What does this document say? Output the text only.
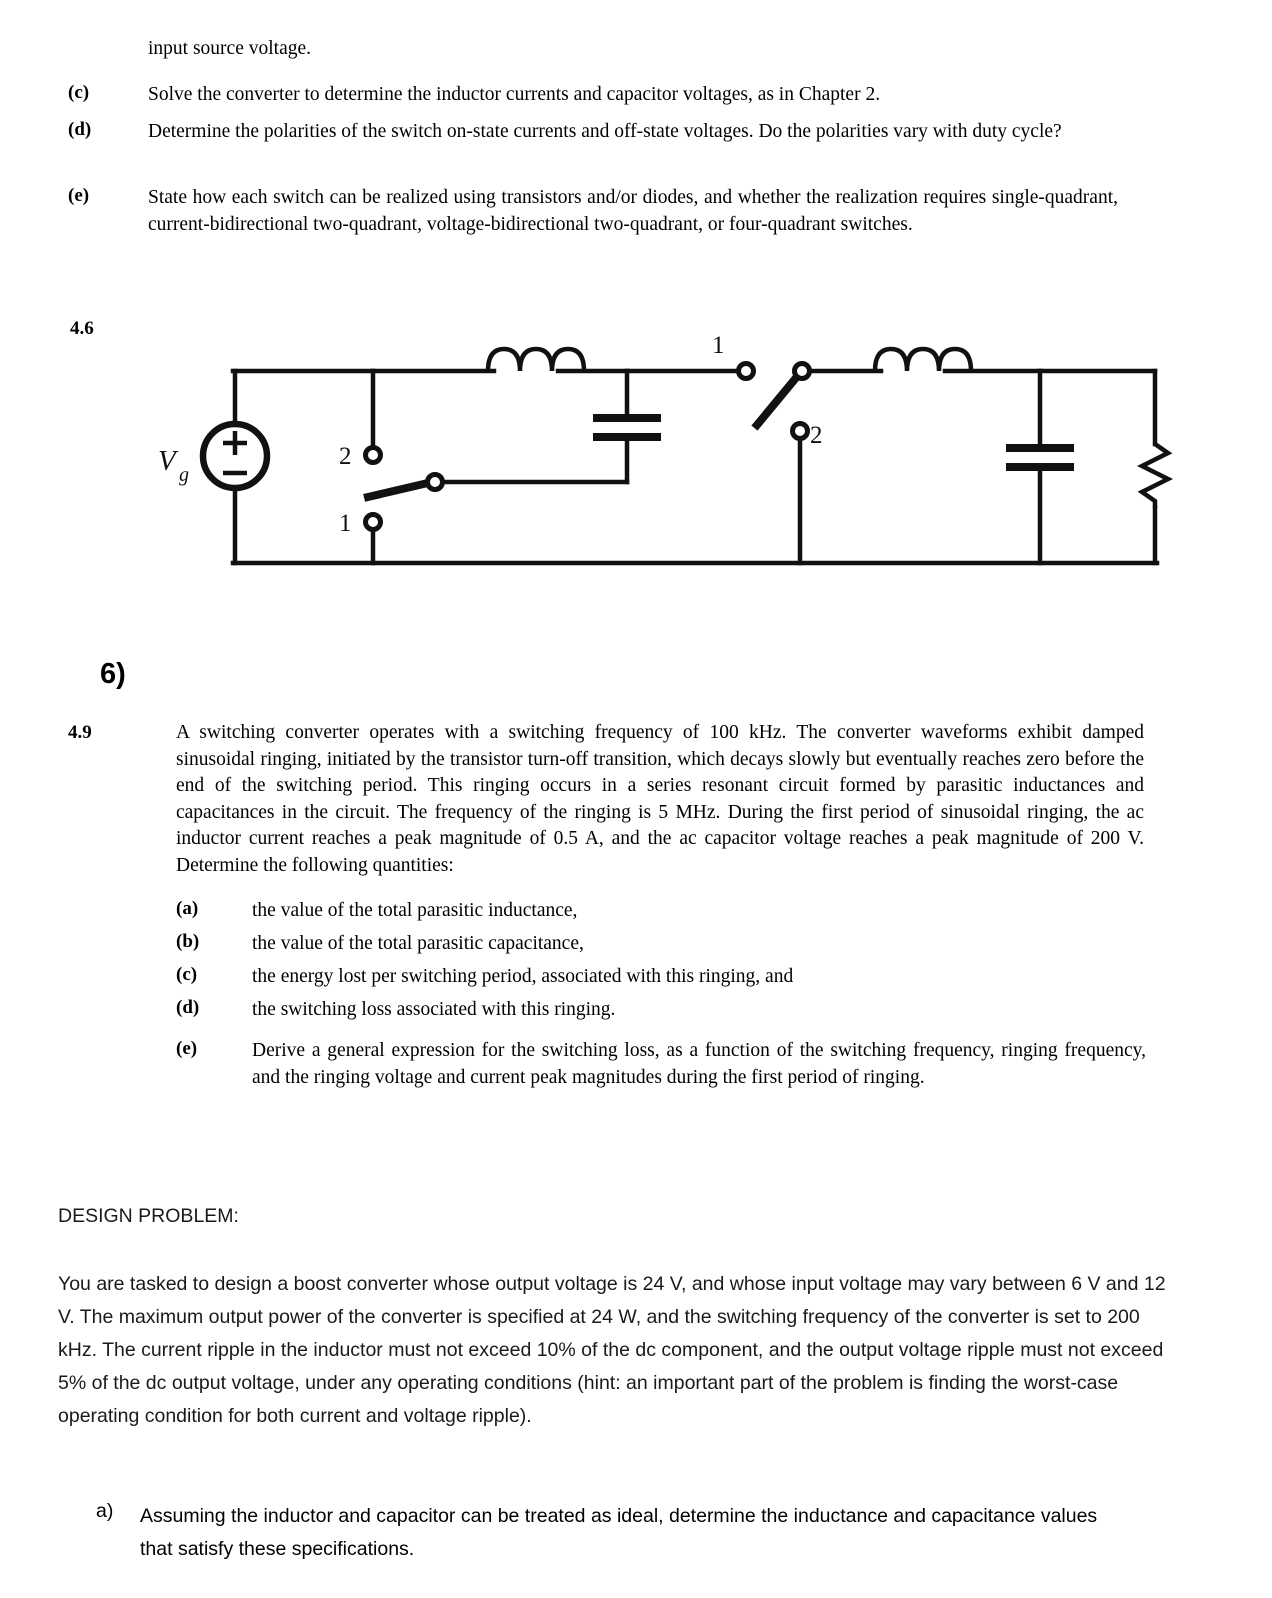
input source voltage.
(c)	Solve the converter to determine the inductor currents and capacitor voltages, as in Chapter 2.
(d)	Determine the polarities of the switch on-state currents and off-state voltages. Do the polarities vary with duty cycle?
(e)	State how each switch can be realized using transistors and/or diodes, and whether the realization requires single-quadrant, current-bidirectional two-quadrant, voltage-bidirectional two-quadrant, or four-quadrant switches.
4.6
V g
2
1
1
2
6)
4.9	A switching converter operates with a switching frequency of 100 kHz. The converter waveforms exhibit damped sinusoidal ringing, initiated by the transistor turn-off transition, which decays slowly but eventually reaches zero before the end of the switching period. This ringing occurs in a series resonant circuit formed by parasitic inductances and capacitances in the circuit. The frequency of the ringing is 5 MHz. During the first period of sinusoidal ringing, the ac inductor current reaches a peak magnitude of 0.5 A, and the ac capacitor voltage reaches a peak magnitude of 200 V. Determine the following quantities:
(a)	the value of the total parasitic inductance,
(b)	the value of the total parasitic capacitance,
(c)	the energy lost per switching period, associated with this ringing, and
(d)	the switching loss associated with this ringing.
(e)	Derive a general expression for the switching loss, as a function of the switching frequency, ringing frequency, and the ringing voltage and current peak magnitudes during the first period of ringing.
DESIGN PROBLEM:
You are tasked to design a boost converter whose output voltage is 24 V, and whose input voltage may vary between 6 V and 12 V. The maximum output power of the converter is specified at 24 W, and the switching frequency of the converter is set to 200 kHz. The current ripple in the inductor must not exceed 10% of the dc component, and the output voltage ripple must not exceed 5% of the dc output voltage, under any operating conditions (hint: an important part of the problem is finding the worst-case operating condition for both current and voltage ripple).
a) Assuming the inductor and capacitor can be treated as ideal, determine the inductance and capacitance values that satisfy these specifications.
